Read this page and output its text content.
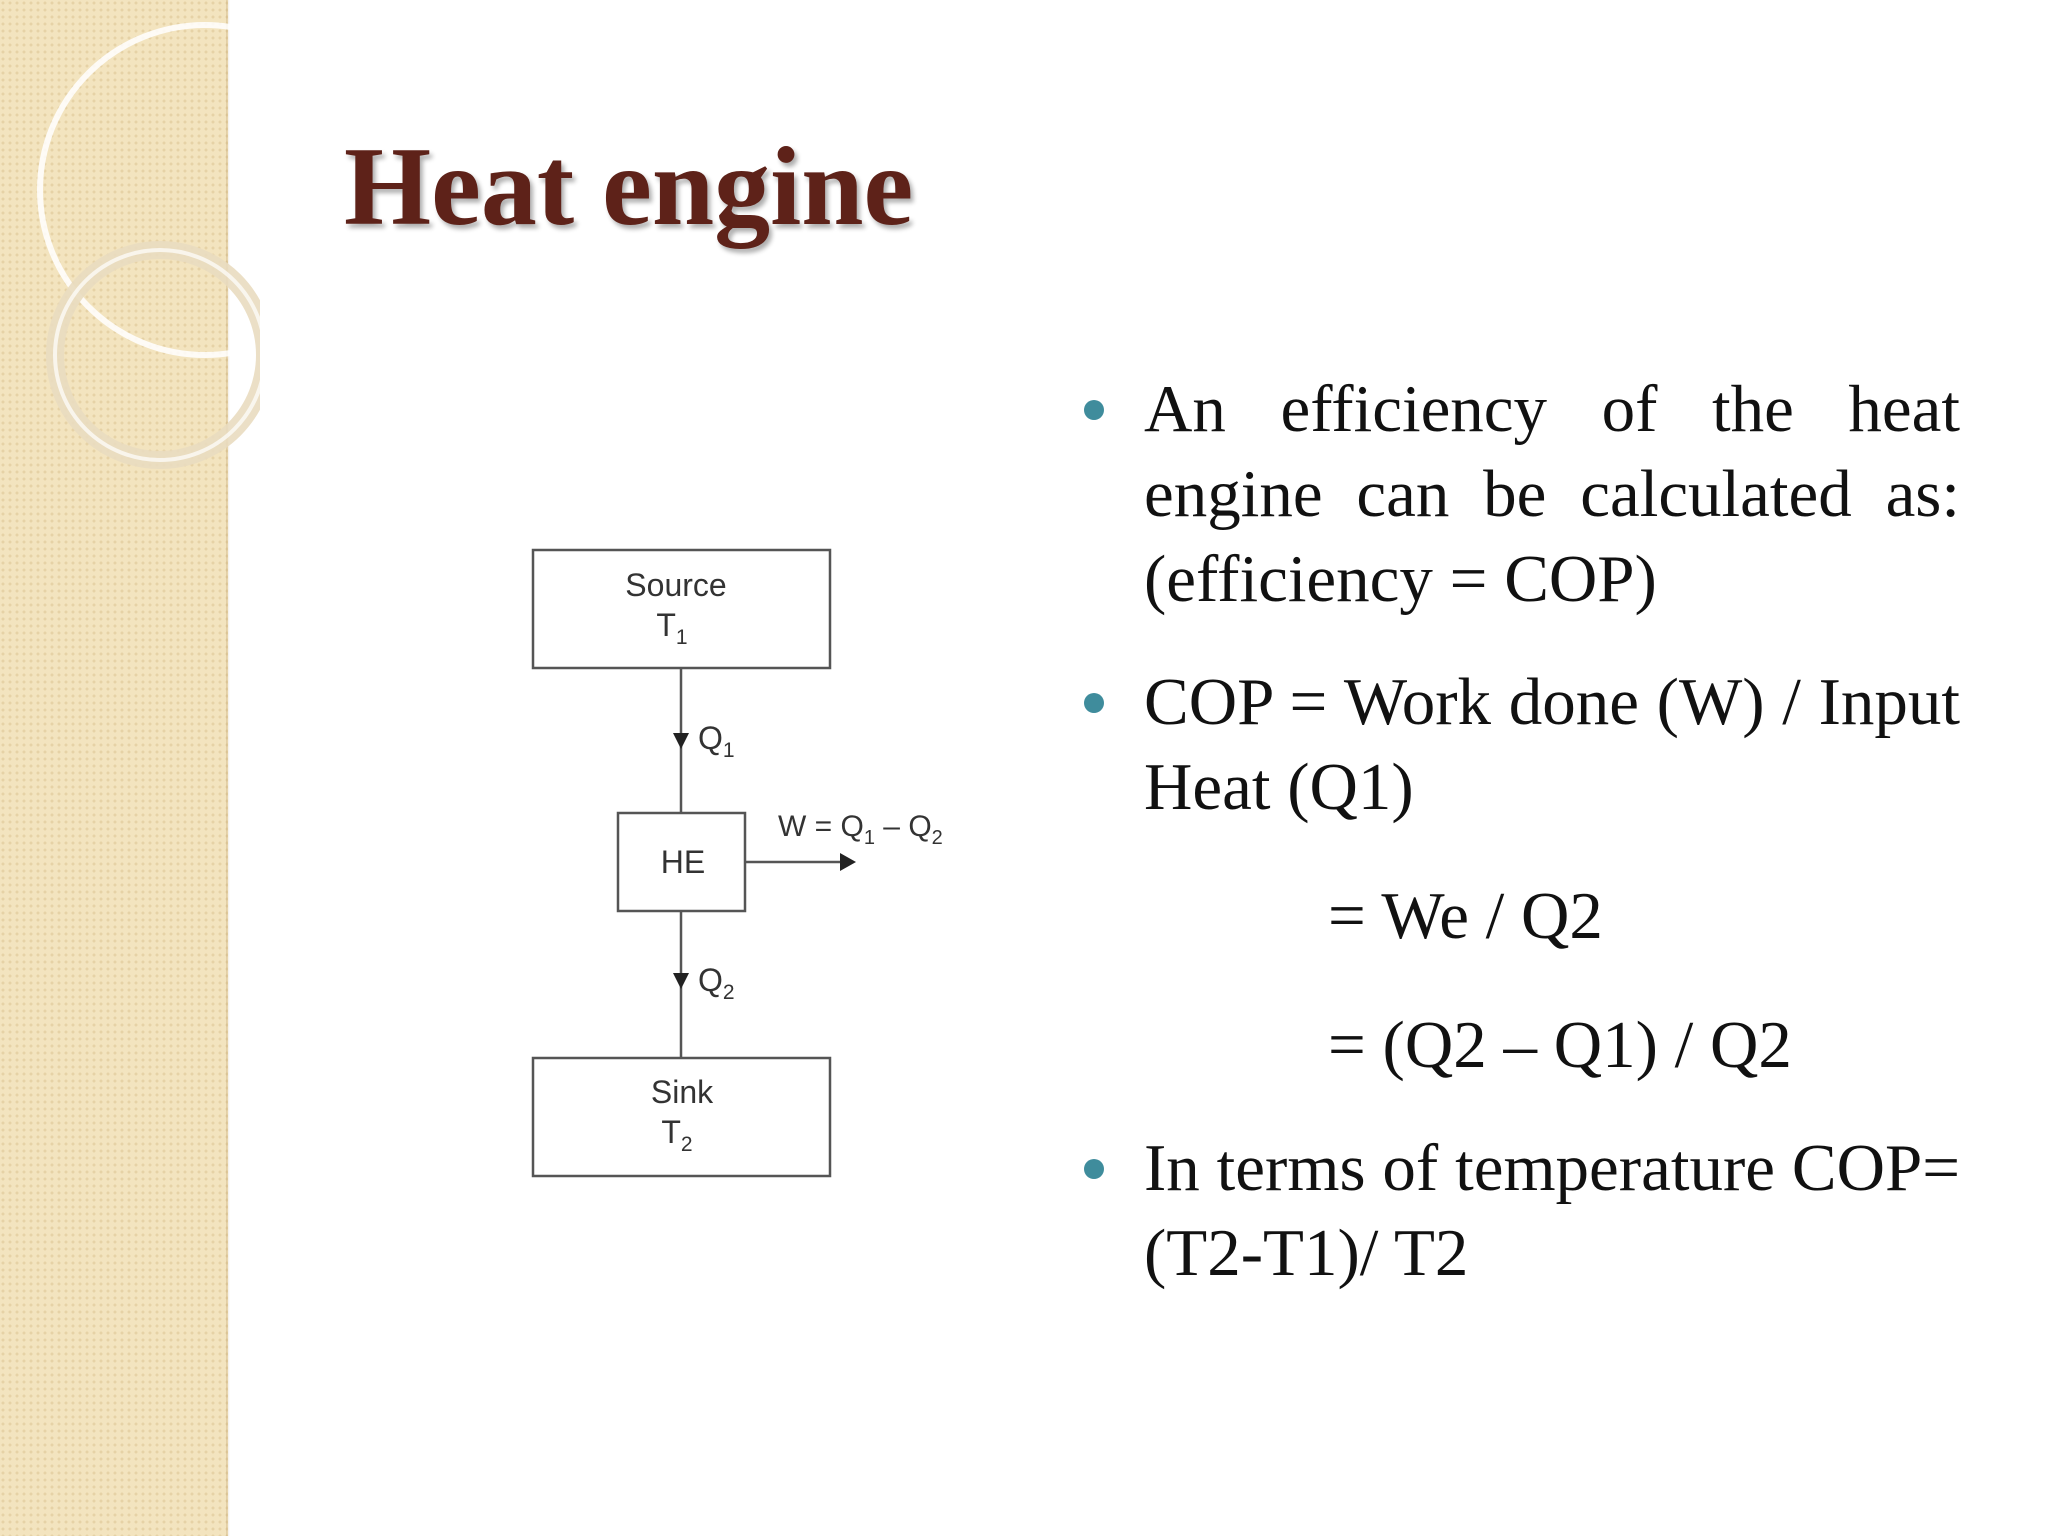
Heat engine
Source
$T_1$
$Q_1$
HE
$W = Q_1 - Q_2$
$Q_2$
Sink
$T_2$
An efficiency of the heat engine can be calculated as: (efficiency = COP)
COP = Work done (W) / Input Heat (Q1)
= We / Q2
= (Q2 – Q1) / Q2
In terms of temperature COP= (T2-T1)/ T2
